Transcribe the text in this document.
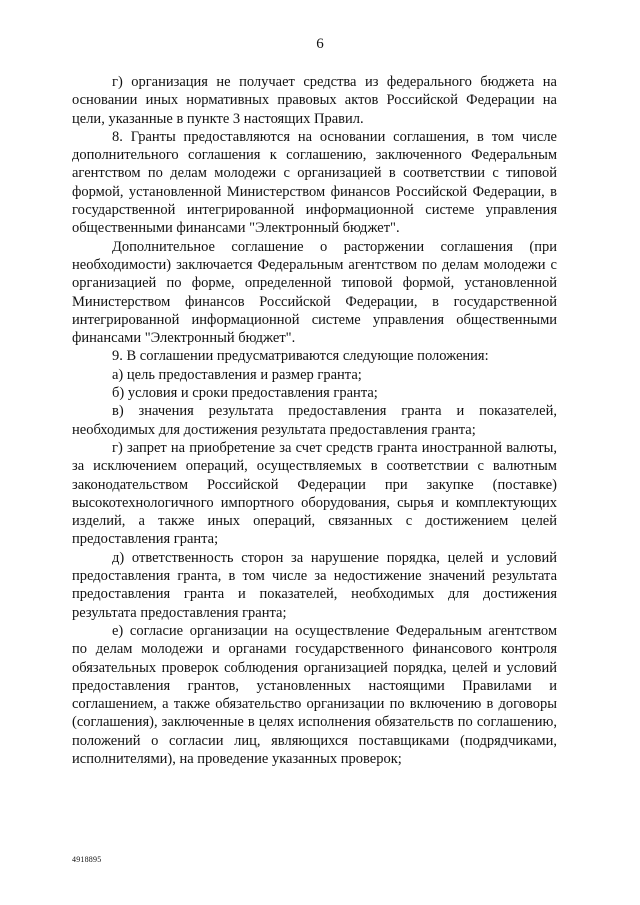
6

г) организация не получает средства из федерального бюджета на основании иных нормативных правовых актов Российской Федерации на цели, указанные в пункте 3 настоящих Правил.

8. Гранты предоставляются на основании соглашения, в том числе дополнительного соглашения к соглашению, заключенного Федеральным агентством по делам молодежи с организацией в соответствии с типовой формой, установленной Министерством финансов Российской Федерации, в государственной интегрированной информационной системе управления общественными финансами "Электронный бюджет".

Дополнительное соглашение о расторжении соглашения (при необходимости) заключается Федеральным агентством по делам молодежи с организацией по форме, определенной типовой формой, установленной Министерством финансов Российской Федерации, в государственной интегрированной информационной системе управления общественными финансами "Электронный бюджет".

9. В соглашении предусматриваются следующие положения:

а) цель предоставления и размер гранта;

б) условия и сроки предоставления гранта;

в) значения результата предоставления гранта и показателей, необходимых для достижения результата предоставления гранта;

г) запрет на приобретение за счет средств гранта иностранной валюты, за исключением операций, осуществляемых в соответствии с валютным законодательством Российской Федерации при закупке (поставке) высокотехнологичного импортного оборудования, сырья и комплектующих изделий, а также иных операций, связанных с достижением целей предоставления гранта;

д) ответственность сторон за нарушение порядка, целей и условий предоставления гранта, в том числе за недостижение значений результата предоставления гранта и показателей, необходимых для достижения результата предоставления гранта;

е) согласие организации на осуществление Федеральным агентством по делам молодежи и органами государственного финансового контроля обязательных проверок соблюдения организацией порядка, целей и условий предоставления грантов, установленных настоящими Правилами и соглашением, а также обязательство организации по включению в договоры (соглашения), заключенные в целях исполнения обязательств по соглашению, положений о согласии лиц, являющихся поставщиками (подрядчиками, исполнителями), на проведение указанных проверок;

4918895
